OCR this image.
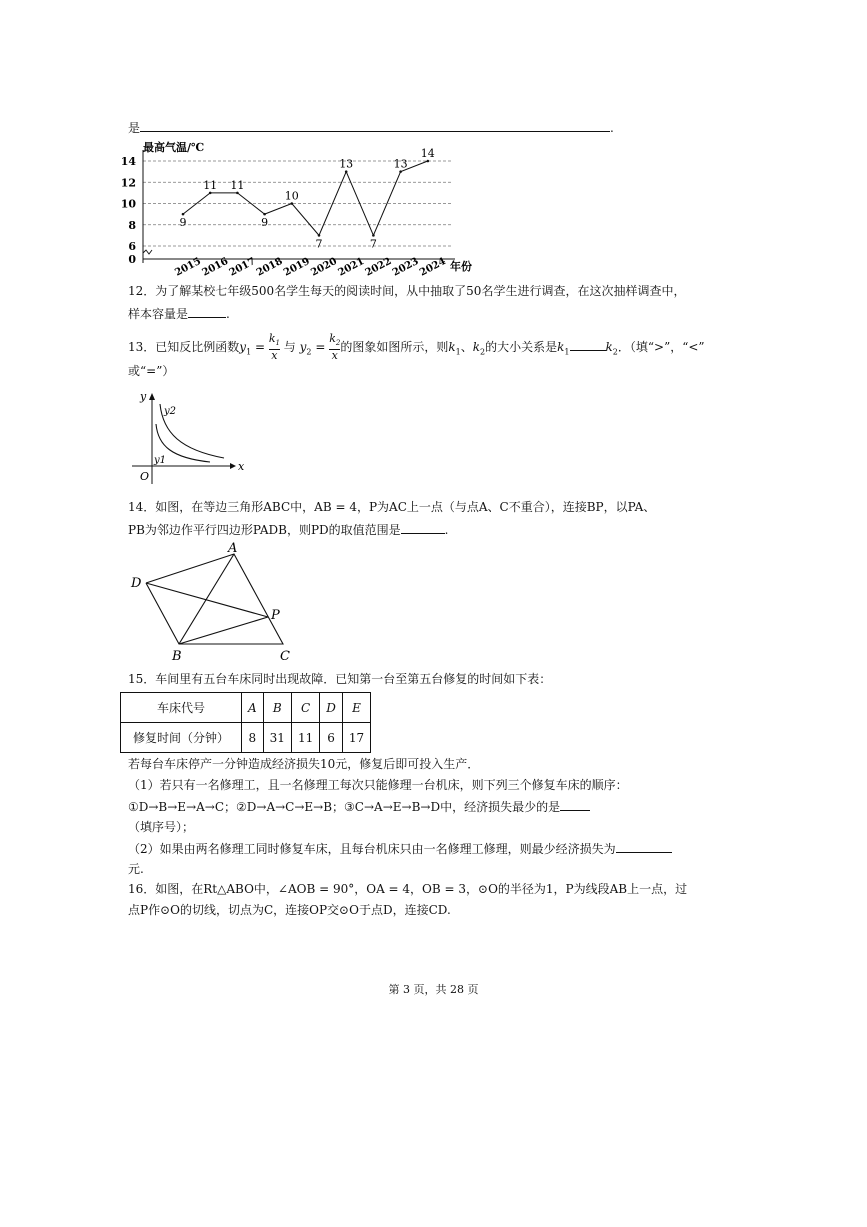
是	.
最高气温/℃
年份
0
6
8
10
12
14
2015
2016
2017
2018
2019
2020
2021
2022
2023
2024
9
11 11
9
10
7
13
7
13
14
12．为了解某校七年级500名学生每天的阅读时间，从中抽取了50名学生进行调查，在这次抽样调查中，
样本容量是	.
13．已知反比例函数$y_1 = \frac{k_1}{x}$ 与 $y_2 = \frac{k_2}{x}$ 的图象如图所示，则$k_1$、$k_2$的大小关系是$k_1$	$k_2$．（填“>”，“<”
或“=”）
y
x
O
y2
y1
14．如图，在等边三角形ABC中，AB = 4，P为AC上一点（与点A、C不重合），连接BP，以PA、
PB为邻边作平行四边形PADB，则PD的取值范围是	.
A
D
P
B	C
15．车间里有五台车床同时出现故障．已知第一台至第五台修复的时间如下表：
车床代号	A	B	C	D	E
修复时间（分钟）	8	31	11	6	17
若每台车床停产一分钟造成经济损失10元，修复后即可投入生产．
（1）若只有一名修理工，且一名修理工每次只能修理一台机床，则下列三个修复车床的顺序：
①D→B→E→A→C；②D→A→C→E→B；③C→A→E→B→D中，经济损失最少的是
（填序号）；
（2）如果由两名修理工同时修复车床，且每台机床只由一名修理工修理，则最少经济损失为
元.
16．如图，在Rt△ABO中，∠AOB = 90°，OA = 4，OB = 3，⊙O的半径为1，P为线段AB上一点，过
点P作⊙O的切线，切点为C，连接OP交⊙O于点D，连接CD.
第 3 页，共 28 页
